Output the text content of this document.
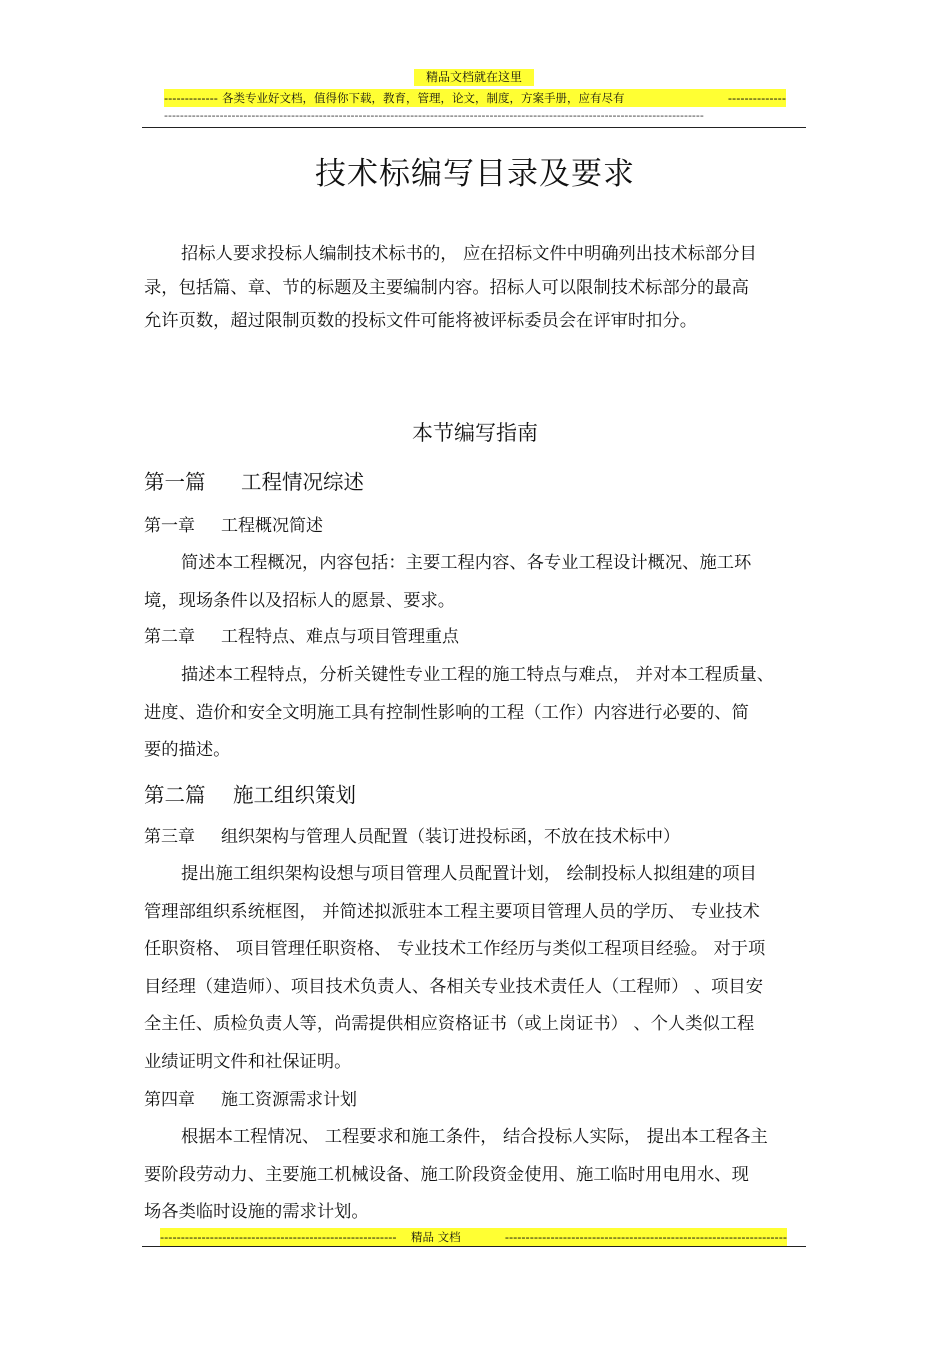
精品文档就在这里
------------- 各类专业好文档，值得你下载，教育，管理，论文，制度，方案手册，应有尽有	--------------
----------------------------------------------------------------------------------------------------------------------------------------
技术标编写目录及要求
招标人要求投标人编制技术标书的， 应在招标文件中明确列出技术标部分目
录，包括篇、章、节的标题及主要编制内容。招标人可以限制技术标部分的最高
允许页数，超过限制页数的投标文件可能将被评标委员会在评审时扣分。
本节编写指南
第一篇 工程情况综述
第一章 工程概况简述
简述本工程概况，内容包括：主要工程内容、各专业工程设计概况、施工环
境，现场条件以及招标人的愿景、要求。
第二章 工程特点、难点与项目管理重点
描述本工程特点，分析关键性专业工程的施工特点与难点， 并对本工程质量、
进度、造价和安全文明施工具有控制性影响的工程（工作）内容进行必要的、简
要的描述。
第二篇 施工组织策划
第三章 组织架构与管理人员配置（装订进投标函，不放在技术标中）
提出施工组织架构设想与项目管理人员配置计划， 绘制投标人拟组建的项目
管理部组织系统框图， 并简述拟派驻本工程主要项目管理人员的学历、 专业技术
任职资格、 项目管理任职资格、 专业技术工作经历与类似工程项目经验。 对于项
目经理（建造师）、项目技术负责人、各相关专业技术责任人（工程师） 、项目安
全主任、质检负责人等，尚需提供相应资格证书（或上岗证书） 、个人类似工程
业绩证明文件和社保证明。
第四章 施工资源需求计划
根据本工程情况、 工程要求和施工条件， 结合投标人实际， 提出本工程各主
要阶段劳动力、主要施工机械设备、施工阶段资金使用、施工临时用电用水、现
场各类临时设施的需求计划。
--------------------------------------------------------- 精品 文档	--------------------------------------------------------------------
